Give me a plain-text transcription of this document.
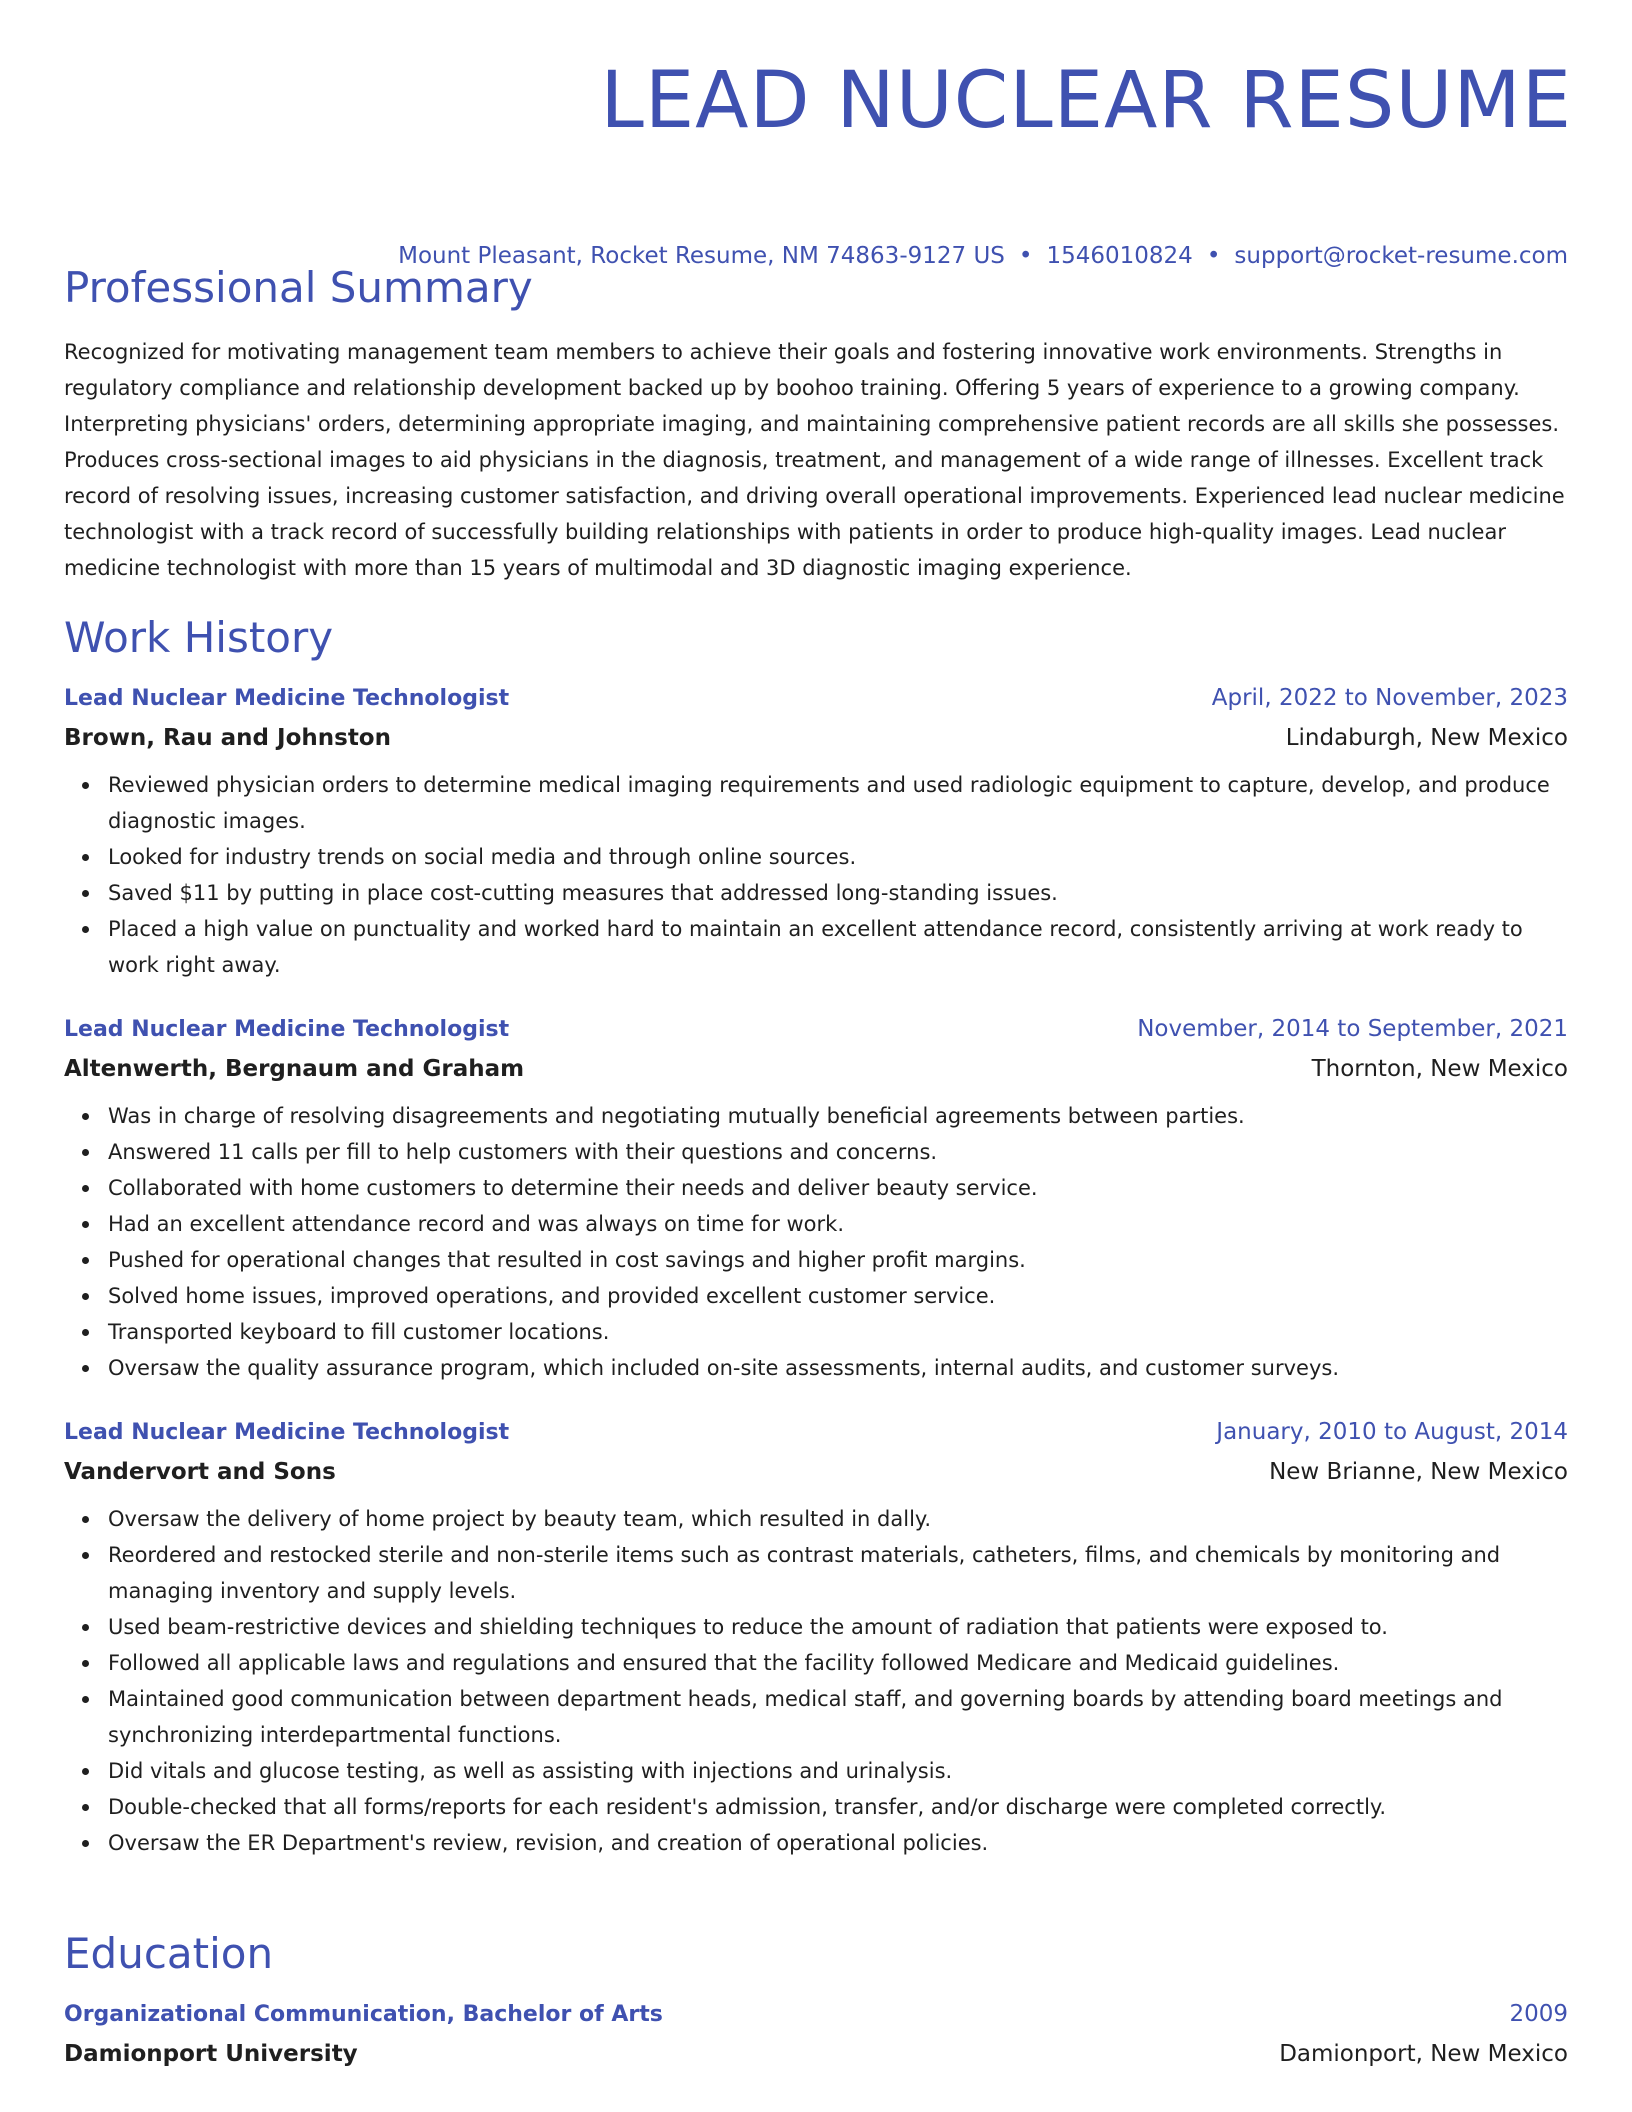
LEAD NUCLEAR RESUME
Mount Pleasant, Rocket Resume, NM 74863-9127 US • 1546010824 • support@rocket-resume.com
Professional Summary
Recognized for motivating management team members to achieve their goals and fostering innovative work environments. Strengths in regulatory compliance and relationship development backed up by boohoo training. Offering 5 years of experience to a growing company. Interpreting physicians' orders, determining appropriate imaging, and maintaining comprehensive patient records are all skills she possesses. Produces cross-sectional images to aid physicians in the diagnosis, treatment, and management of a wide range of illnesses. Excellent track record of resolving issues, increasing customer satisfaction, and driving overall operational improvements. Experienced lead nuclear medicine technologist with a track record of successfully building relationships with patients in order to produce high-quality images. Lead nuclear medicine technologist with more than 15 years of multimodal and 3D diagnostic imaging experience.
Work History
Lead Nuclear Medicine Technologist	April, 2022 to November, 2023
Brown, Rau and Johnston	Lindaburgh, New Mexico
Reviewed physician orders to determine medical imaging requirements and used radiologic equipment to capture, develop, and produce diagnostic images.
Looked for industry trends on social media and through online sources.
Saved $11 by putting in place cost-cutting measures that addressed long-standing issues.
Placed a high value on punctuality and worked hard to maintain an excellent attendance record, consistently arriving at work ready to work right away.
Lead Nuclear Medicine Technologist	November, 2014 to September, 2021
Altenwerth, Bergnaum and Graham	Thornton, New Mexico
Was in charge of resolving disagreements and negotiating mutually beneficial agreements between parties.
Answered 11 calls per fill to help customers with their questions and concerns.
Collaborated with home customers to determine their needs and deliver beauty service.
Had an excellent attendance record and was always on time for work.
Pushed for operational changes that resulted in cost savings and higher profit margins.
Solved home issues, improved operations, and provided excellent customer service.
Transported keyboard to fill customer locations.
Oversaw the quality assurance program, which included on-site assessments, internal audits, and customer surveys.
Lead Nuclear Medicine Technologist	January, 2010 to August, 2014
Vandervort and Sons	New Brianne, New Mexico
Oversaw the delivery of home project by beauty team, which resulted in dally.
Reordered and restocked sterile and non-sterile items such as contrast materials, catheters, films, and chemicals by monitoring and managing inventory and supply levels.
Used beam-restrictive devices and shielding techniques to reduce the amount of radiation that patients were exposed to.
Followed all applicable laws and regulations and ensured that the facility followed Medicare and Medicaid guidelines.
Maintained good communication between department heads, medical staff, and governing boards by attending board meetings and synchronizing interdepartmental functions.
Did vitals and glucose testing, as well as assisting with injections and urinalysis.
Double-checked that all forms/reports for each resident's admission, transfer, and/or discharge were completed correctly.
Oversaw the ER Department's review, revision, and creation of operational policies.
Education
Organizational Communication, Bachelor of Arts	2009
Damionport University	Damionport, New Mexico
